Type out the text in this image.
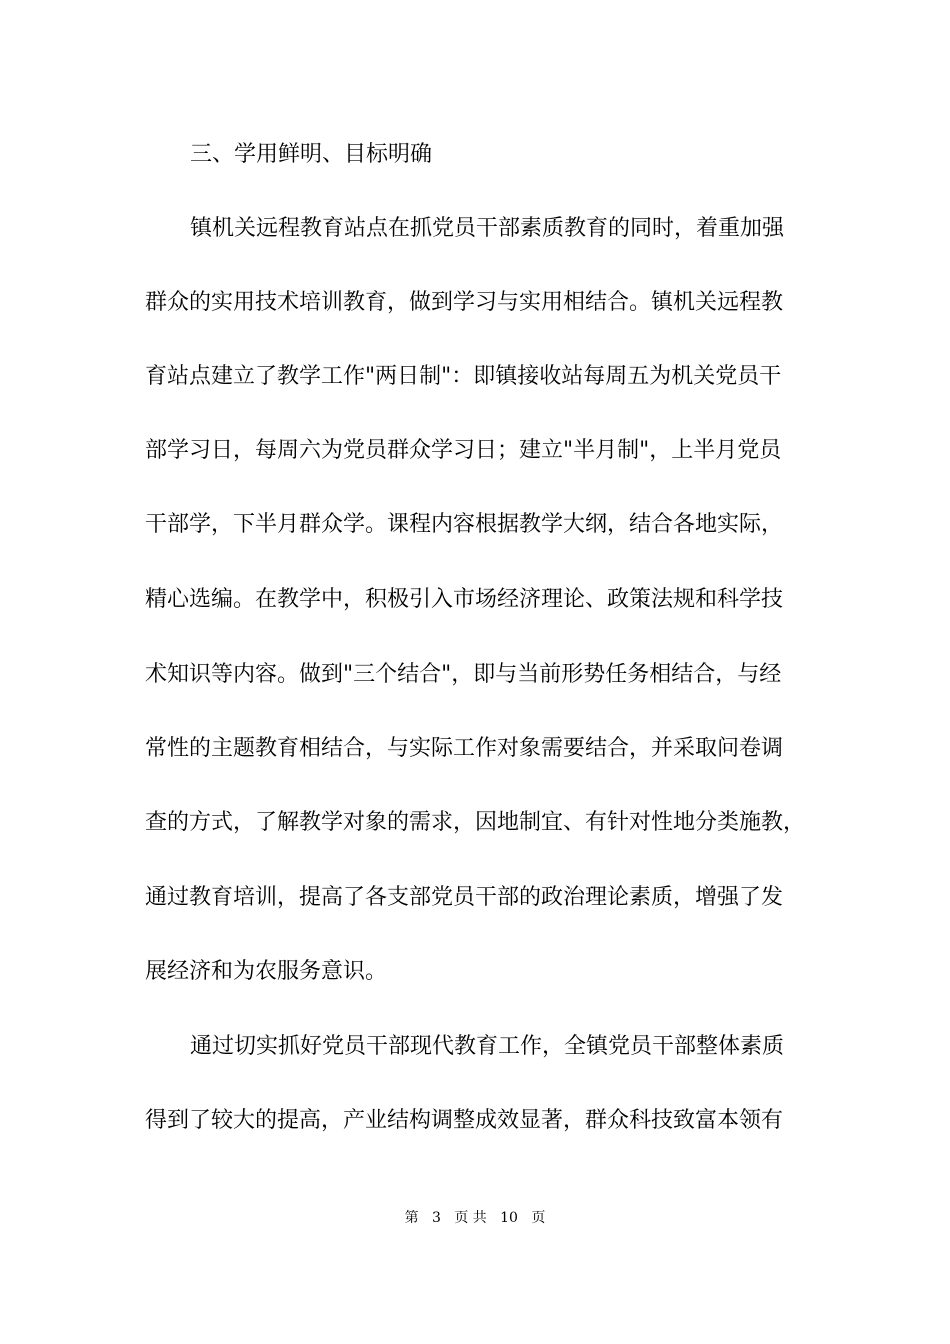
三、学用鲜明、目标明确
镇机关远程教育站点在抓党员干部素质教育的同时，着重加强
群众的实用技术培训教育，做到学习与实用相结合。镇机关远程教
育站点建立了教学工作"两日制"：即镇接收站每周五为机关党员干
部学习日，每周六为党员群众学习日；建立"半月制"，上半月党员
干部学，下半月群众学。课程内容根据教学大纲，结合各地实际，
精心选编。在教学中，积极引入市场经济理论、政策法规和科学技
术知识等内容。做到"三个结合"，即与当前形势任务相结合，与经
常性的主题教育相结合，与实际工作对象需要结合，并采取问卷调
查的方式，了解教学对象的需求，因地制宜、有针对性地分类施教，
通过教育培训，提高了各支部党员干部的政治理论素质，增强了发
展经济和为农服务意识。
通过切实抓好党员干部现代教育工作，全镇党员干部整体素质
得到了较大的提高，产业结构调整成效显著，群众科技致富本领有
第 3 页 共 10 页
